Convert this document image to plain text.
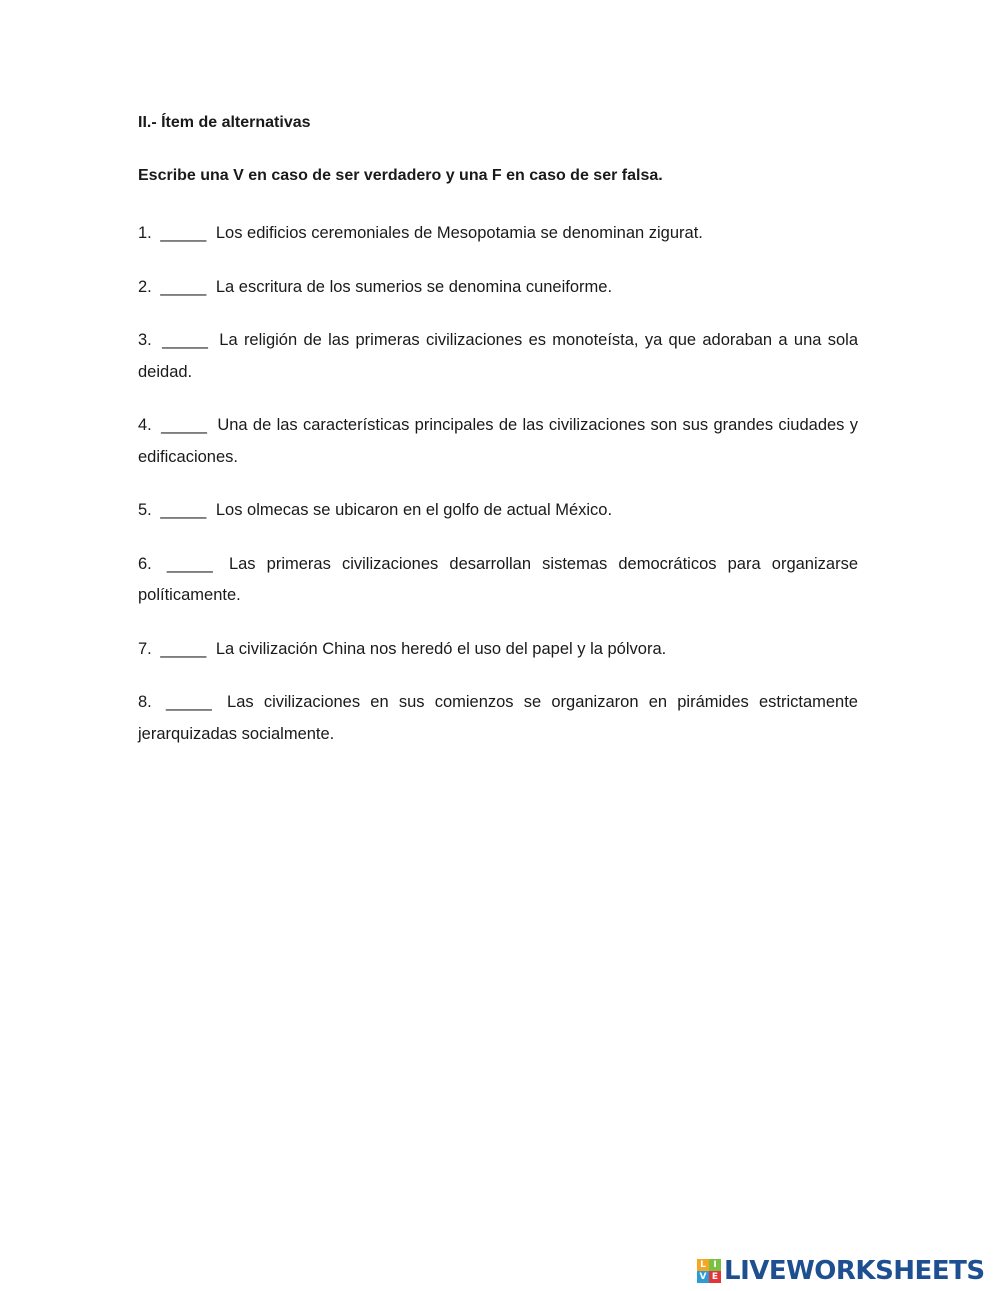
II.- Ítem de alternativas
Escribe una V en caso de ser verdadero y una F en caso de ser falsa.
1. _____ Los edificios ceremoniales de Mesopotamia se denominan zigurat.
2. _____ La escritura de los sumerios se denomina cuneiforme.
3. _____ La religión de las primeras civilizaciones es monoteísta, ya que adoraban a una sola deidad.
4. _____ Una de las características principales de las civilizaciones son sus grandes ciudades y edificaciones.
5. _____ Los olmecas se ubicaron en el golfo de actual México.
6. _____ Las primeras civilizaciones desarrollan sistemas democráticos para organizarse políticamente.
7. _____ La civilización China nos heredó el uso del papel y la pólvora.
8. _____ Las civilizaciones en sus comienzos se organizaron en pirámides estrictamente jerarquizadas socialmente.
L I
V E LIVEWORKSHEETS
